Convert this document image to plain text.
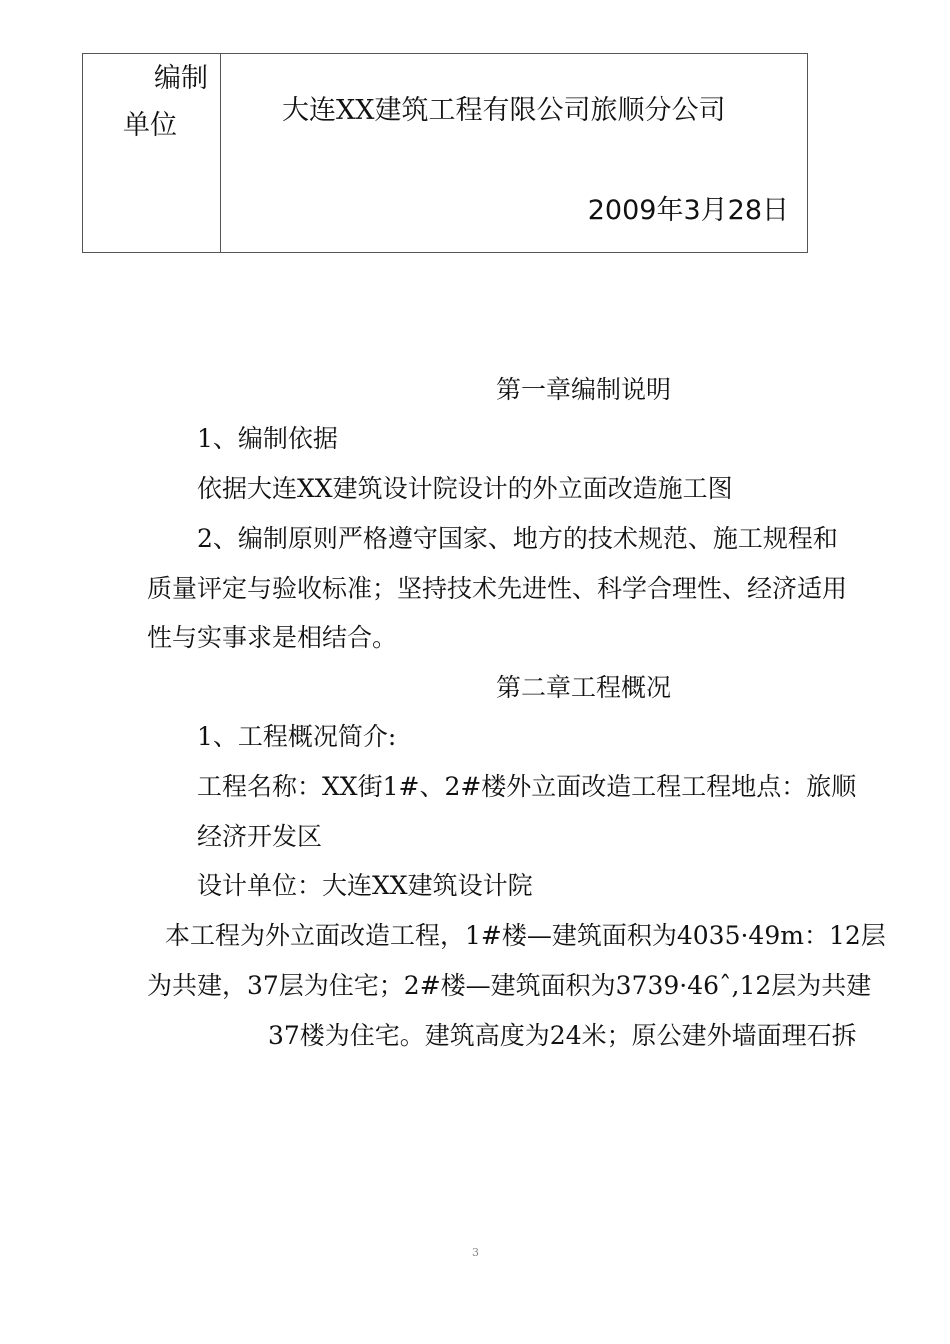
编制
单位	大连XX建筑工程有限公司旅顺分公司
2009年3月28日
第一章编制说明
1、编制依据
依据大连XX建筑设计院设计的外立面改造施工图
2、编制原则严格遵守国家、地方的技术规范、施工规程和
质量评定与验收标准；坚持技术先进性、科学合理性、经济适用
性与实事求是相结合。
第二章工程概况
1、工程概况简介:
工程名称：XX街1#、2#楼外立面改造工程工程地点：旅顺
经济开发区
设计单位：大连XX建筑设计院
本工程为外立面改造工程，1#楼—建筑面积为4035·49m：12层
为共建，37层为住宅；2#楼—建筑面积为3739·46ˆ,12层为共建
37楼为住宅。建筑高度为24米；原公建外墙面理石拆
3
